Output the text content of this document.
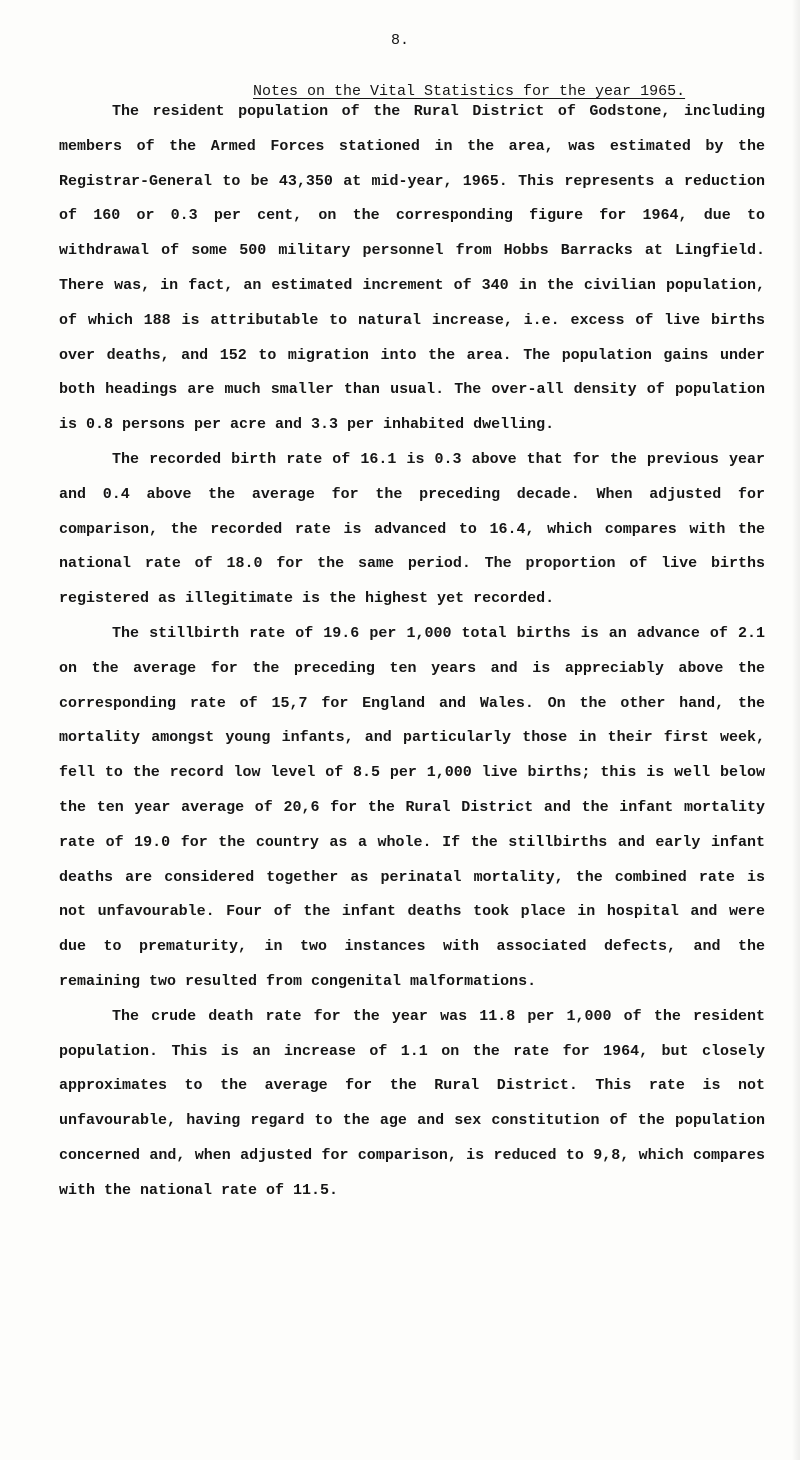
8.
Notes on the Vital Statistics for the year 1965.

The resident population of the Rural District of Godstone, including members of the Armed Forces stationed in the area, was estimated by the Registrar-General to be 43,350 at mid-year, 1965. This represents a reduction of 160 or 0.3 per cent, on the corresponding figure for 1964, due to withdrawal of some 500 military personnel from Hobbs Barracks at Lingfield. There was, in fact, an estimated increment of 340 in the civilian population, of which 188 is attributable to natural increase, i.e. excess of live births over deaths, and 152 to migration into the area. The population gains under both headings are much smaller than usual. The over-all density of population is 0.8 persons per acre and 3.3 per inhabited dwelling.

The recorded birth rate of 16.1 is 0.3 above that for the previous year and 0.4 above the average for the preceding decade. When adjusted for comparison, the recorded rate is advanced to 16.4, which compares with the national rate of 18.0 for the same period. The proportion of live births registered as illegitimate is the highest yet recorded.

The stillbirth rate of 19.6 per 1,000 total births is an advance of 2.1 on the average for the preceding ten years and is appreciably above the corresponding rate of 15,7 for England and Wales. On the other hand, the mortality amongst young infants, and particularly those in their first week, fell to the record low level of 8.5 per 1,000 live births; this is well below the ten year average of 20,6 for the Rural District and the infant mortality rate of 19.0 for the country as a whole. If the stillbirths and early infant deaths are considered together as perinatal mortality, the combined rate is not unfavourable. Four of the infant deaths took place in hospital and were due to prematurity, in two instances with associated defects, and the remaining two resulted from congenital malformations.

The crude death rate for the year was 11.8 per 1,000 of the resident population. This is an increase of 1.1 on the rate for 1964, but closely approximates to the average for the Rural District. This rate is not unfavourable, having regard to the age and sex constitution of the population concerned and, when adjusted for comparison, is reduced to 9,8, which compares with the national rate of 11.5.
